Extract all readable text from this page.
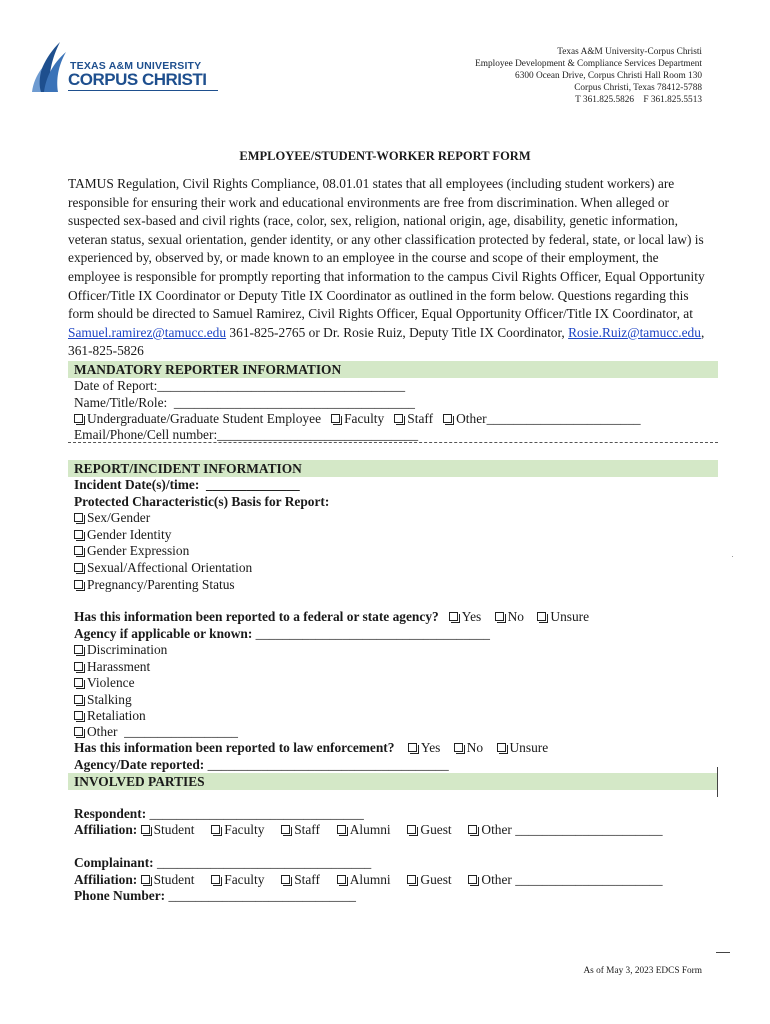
TEXAS A&M UNIVERSITY
CORPUS CHRISTI
Texas A&M University-Corpus Christi
Employee Development & Compliance Services Department
6300 Ocean Drive, Corpus Christi Hall Room 130
Corpus Christi, Texas 78412-5788
T 361.825.5826    F 361.825.5513
EMPLOYEE/STUDENT-WORKER REPORT FORM
TAMUS Regulation, Civil Rights Compliance, 08.01.01 states that all employees (including student workers) are responsible for ensuring their work and educational environments are free from discrimination. When alleged or suspected sex-based and civil rights (race, color, sex, religion, national origin, age, disability, genetic information, veteran status, sexual orientation, gender identity, or any other classification protected by federal, state, or local law) is experienced by, observed by, or made known to an employee in the course and scope of their employment, the employee is responsible for promptly reporting that information to the campus Civil Rights Officer, Equal Opportunity Officer/Title IX Coordinator or Deputy Title IX Coordinator as outlined in the form below. Questions regarding this form should be directed to Samuel Ramirez, Civil Rights Officer, Equal Opportunity Officer/Title IX Coordinator, at Samuel.ramirez@tamucc.edu 361-825-2765 or Dr. Rosie Ruiz, Deputy Title IX Coordinator, Rosie.Ruiz@tamucc.edu, 361-825-5826
MANDATORY REPORTER INFORMATION
Date of Report:_____________________________________
Name/Title/Role:  ____________________________________
Undergraduate/Graduate Student Employee Faculty Staff Other_______________________
Email/Phone/Cell number:______________________________
REPORT/INCIDENT INFORMATION
Incident Date(s)/time:  ______________
Protected Characteristic(s) Basis for Report:
Sex/Gender
Gender Identity
Gender Expression
Sexual/Affectional Orientation
Pregnancy/Parenting Status
Has this information been reported to a federal or state agency? Yes No Unsure
Agency if applicable or known: ___________________________________
Discrimination
Harassment
Violence
Stalking
Retaliation
Other  _________________
Has this information been reported to law enforcement? Yes No Unsure
Agency/Date reported: ____________________________________
INVOLVED PARTIES
Respondent: ________________________________
Affiliation: Student Faculty Staff Alumni Guest Other ______________________
Complainant: ________________________________
Affiliation: Student Faculty Staff Alumni Guest Other ______________________
Phone Number: ____________________________
As of May 3, 2023 EDCS Form
